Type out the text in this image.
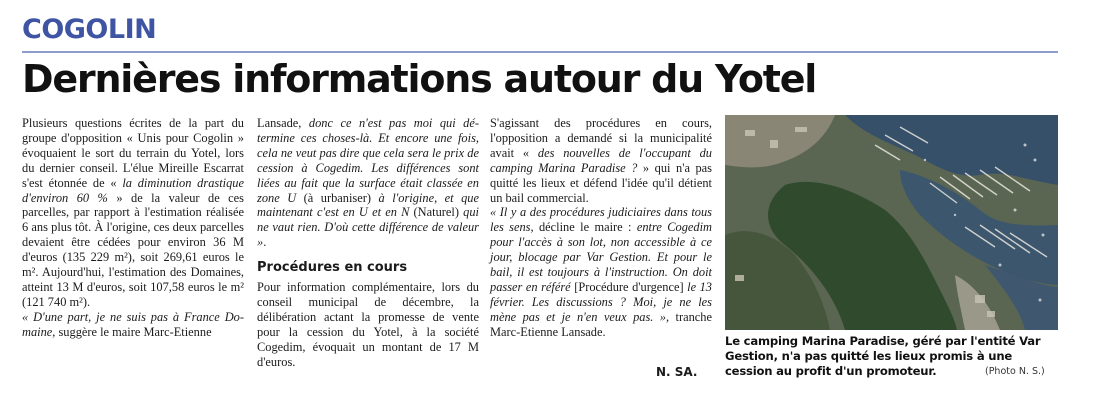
COGOLIN
Dernières informations autour du Yotel

Plusieurs questions écrites de la part du groupe d'opposition « Unis pour Cogolin » évoquaient le sort du terrain du Yotel, lors du dernier conseil. L'élue Mireille Escarrat s'est étonnée de « la diminution drastique d'environ 60 % » de la valeur de ces parcelles, par rapport à l'estimation réalisée 6 ans plus tôt. À l'origine, ces deux parcelles devaient être cédées pour environ 36 M d'euros (135 229 m²), soit 269,61 euros le m². Aujourd'hui, l'estimation des Domaines, atteint 13 M d'euros, soit 107,58 euros le m² (121 740 m²).

« D'une part, je ne suis pas à France Domaine, suggère le maire Marc-Etienne

Lansade, donc ce n'est pas moi qui détermine ces choses-là. Et encore une fois, cela ne veut pas dire que cela sera le prix de cession à Cogedim. Les différences sont liées au fait que la surface était classée en zone U (à urbaniser) à l'origine, et que maintenant c'est en U et en N (Naturel) qui ne vaut rien. D'où cette différence de valeur ».

Procédures en cours

Pour information complémentaire, lors du conseil municipal de décembre, la délibération actant la promesse de vente pour la cession du Yotel, à la société Cogedim, évoquait un montant de 17 M d'euros.

S'agissant des procédures en cours, l'opposition a demandé si la municipalité avait « des nouvelles de l'occupant du camping Marina Paradise ? » qui n'a pas quitté les lieux et défend l'idée qu'il détient un bail commercial.

« Il y a des procédures judiciaires dans tous les sens, décline le maire : entre Cogedim pour l'accès à son lot, non accessible à ce jour, blocage par Var Gestion. Et pour le bail, il est toujours à l'instruction. On doit passer en référé [Procédure d'urgence] le 13 février. Les discussions ? Moi, je ne les mène pas et je n'en veux pas. », tranche Marc-Etienne Lansade.

N. SA.
Le camping Marina Paradise, géré par l'entité Var Gestion, n'a pas quitté les lieux promis à une cession au profit d'un promoteur.	(Photo N. S.)
